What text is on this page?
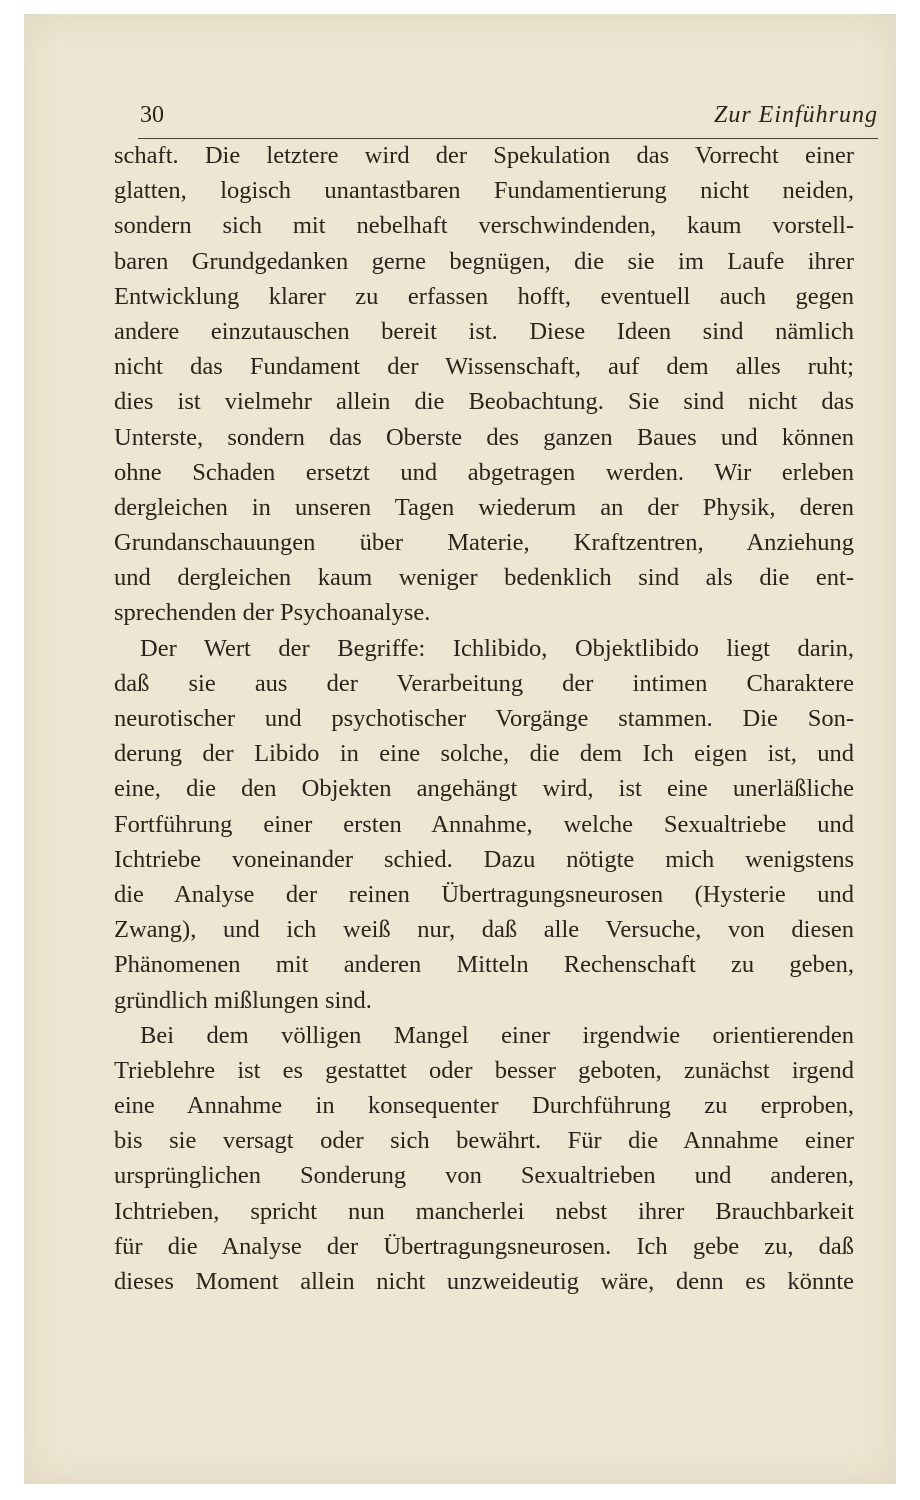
30	Zur Einführung
schaft. Die letztere wird der Spekulation das Vorrecht einer
glatten, logisch unantastbaren Fundamentierung nicht neiden,
sondern sich mit nebelhaft verschwindenden, kaum vorstell-
baren Grundgedanken gerne begnügen, die sie im Laufe ihrer
Entwicklung klarer zu erfassen hofft, eventuell auch gegen
andere einzutauschen bereit ist. Diese Ideen sind nämlich
nicht das Fundament der Wissenschaft, auf dem alles ruht;
dies ist vielmehr allein die Beobachtung. Sie sind nicht das
Unterste, sondern das Oberste des ganzen Baues und können
ohne Schaden ersetzt und abgetragen werden. Wir erleben
dergleichen in unseren Tagen wiederum an der Physik, deren
Grundanschauungen über Materie, Kraftzentren, Anziehung
und dergleichen kaum weniger bedenklich sind als die ent-
sprechenden der Psychoanalyse.
Der Wert der Begriffe: Ichlibido, Objektlibido liegt darin,
daß sie aus der Verarbeitung der intimen Charaktere
neurotischer und psychotischer Vorgänge stammen. Die Son-
derung der Libido in eine solche, die dem Ich eigen ist, und
eine, die den Objekten angehängt wird, ist eine unerläßliche
Fortführung einer ersten Annahme, welche Sexualtriebe und
Ichtriebe voneinander schied. Dazu nötigte mich wenigstens
die Analyse der reinen Übertragungsneurosen (Hysterie und
Zwang), und ich weiß nur, daß alle Versuche, von diesen
Phänomenen mit anderen Mitteln Rechenschaft zu geben,
gründlich mißlungen sind.
Bei dem völligen Mangel einer irgendwie orientierenden
Trieblehre ist es gestattet oder besser geboten, zunächst irgend
eine Annahme in konsequenter Durchführung zu erproben,
bis sie versagt oder sich bewährt. Für die Annahme einer
ursprünglichen Sonderung von Sexualtrieben und anderen,
Ichtrieben, spricht nun mancherlei nebst ihrer Brauchbarkeit
für die Analyse der Übertragungsneurosen. Ich gebe zu, daß
dieses Moment allein nicht unzweideutig wäre, denn es könnte
